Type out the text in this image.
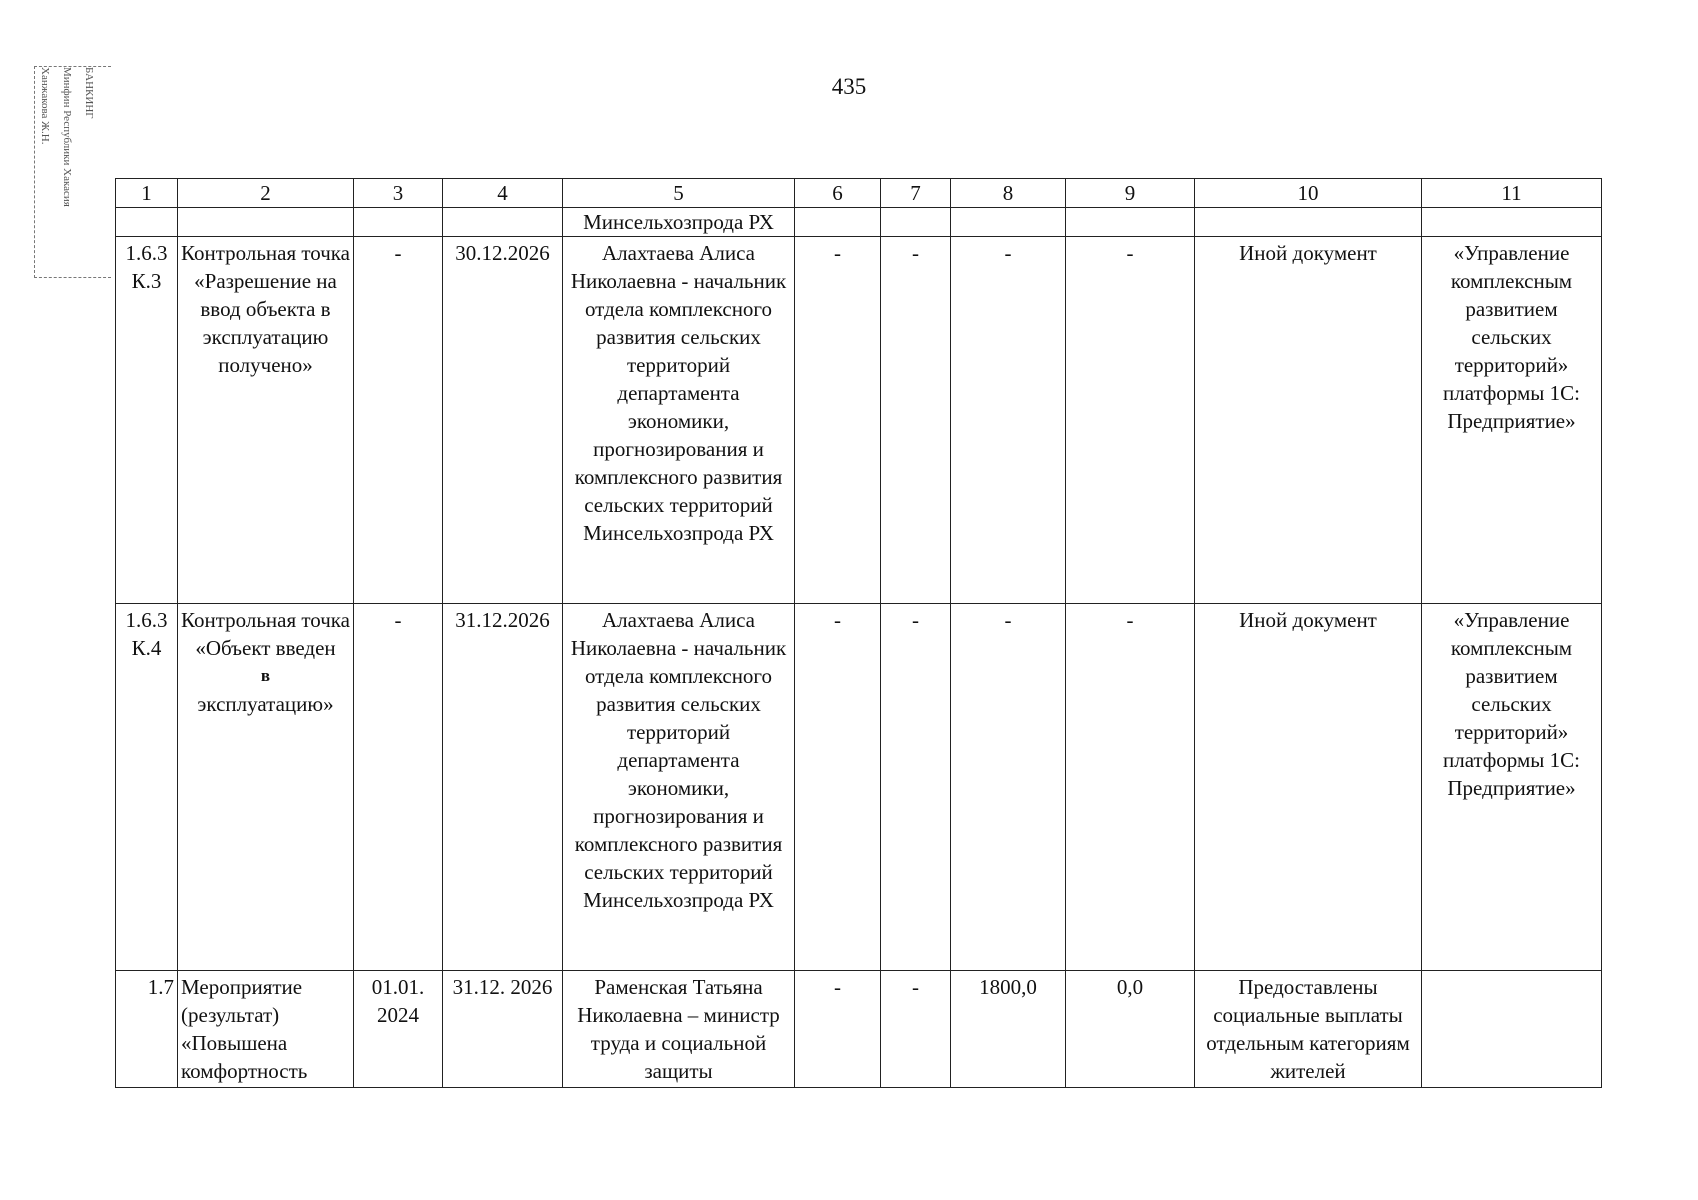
Ханжакова Ж.Н. Минфин Республики Хакасия БАНКИНГ	435
1	2	3	4	5	6	7	8	9	10	11
				Минсельхозпрода РХ						
1.6.3 К.3	Контрольная точка «Разрешение на ввод объекта в эксплуатацию получено»	-	30.12.2026	Алахтаева Алиса Николаевна - начальник отдела комплексного развития сельских территорий департамента экономики, прогнозирования и комплексного развития сельских территорий Минсельхозпрода РХ	-	-	-	-	Иной документ	«Управление комплексным развитием сельских территорий» платформы 1С: Предприятие»
1.6.3 К.4	Контрольная точка «Объект введен
в
эксплуатацию»	-	31.12.2026	Алахтаева Алиса Николаевна - начальник отдела комплексного развития сельских территорий департамента экономики, прогнозирования и комплексного развития сельских территорий Минсельхозпрода РХ	-	-	-	-	Иной документ	«Управление комплексным развитием сельских территорий» платформы 1С: Предприятие»
1.7	Мероприятие (результат) «Повышена комфортность	01.01. 2024	31.12. 2026	Раменская Татьяна Николаевна – министр труда и социальной защиты	-	-	1800,0	0,0	Предоставлены социальные выплаты отдельным категориям жителей	
